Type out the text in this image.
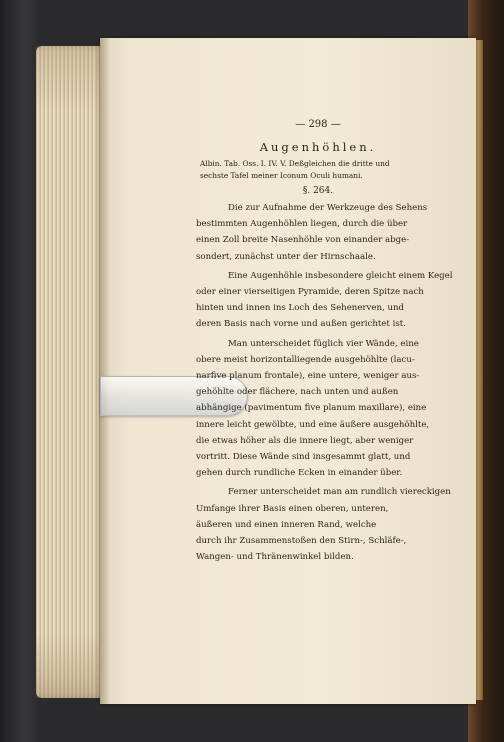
— 298 —

Augenhöhlen.

Albin. Tab. Oss. I. IV. V. Deßgleichen die dritte und

sechste Tafel meiner Iconum Oculi humani.

§. 264.

Die zur Aufnahme der Werkzeuge des Sehens

bestimmten Augenhöhlen liegen, durch die über

einen Zoll breite Nasenhöhle von einander abge-

sondert, zunächst unter der Hirnschaale.

Eine Augenhöhle insbesondere gleicht einem Kegel

oder einer vierseitigen Pyramide, deren Spitze nach

hinten und innen ins Loch des Sehenerven, und

deren Basis nach vorne und außen gerichtet ist.

Man unterscheidet füglich vier Wände, eine

obere meist horizontalliegende ausgehöhlte (lacu-

narfive planum frontale), eine untere, weniger aus-

gehöhlte oder flächere, nach unten und außen

abhängige (pavimentum five planum maxillare), eine

innere leicht gewölbte, und eine äußere ausgehöhlte,

die etwas höher als die innere liegt, aber weniger

vortritt. Diese Wände sind insgesammt glatt, und

gehen durch rundliche Ecken in einander über.

Ferner unterscheidet man am rundlich viereckigen

Umfange ihrer Basis einen oberen, unteren,

äußeren und einen inneren Rand, welche

durch ihr Zusammenstoßen den Stirn-, Schläfe-,

Wangen- und Thränenwinkel bilden.
